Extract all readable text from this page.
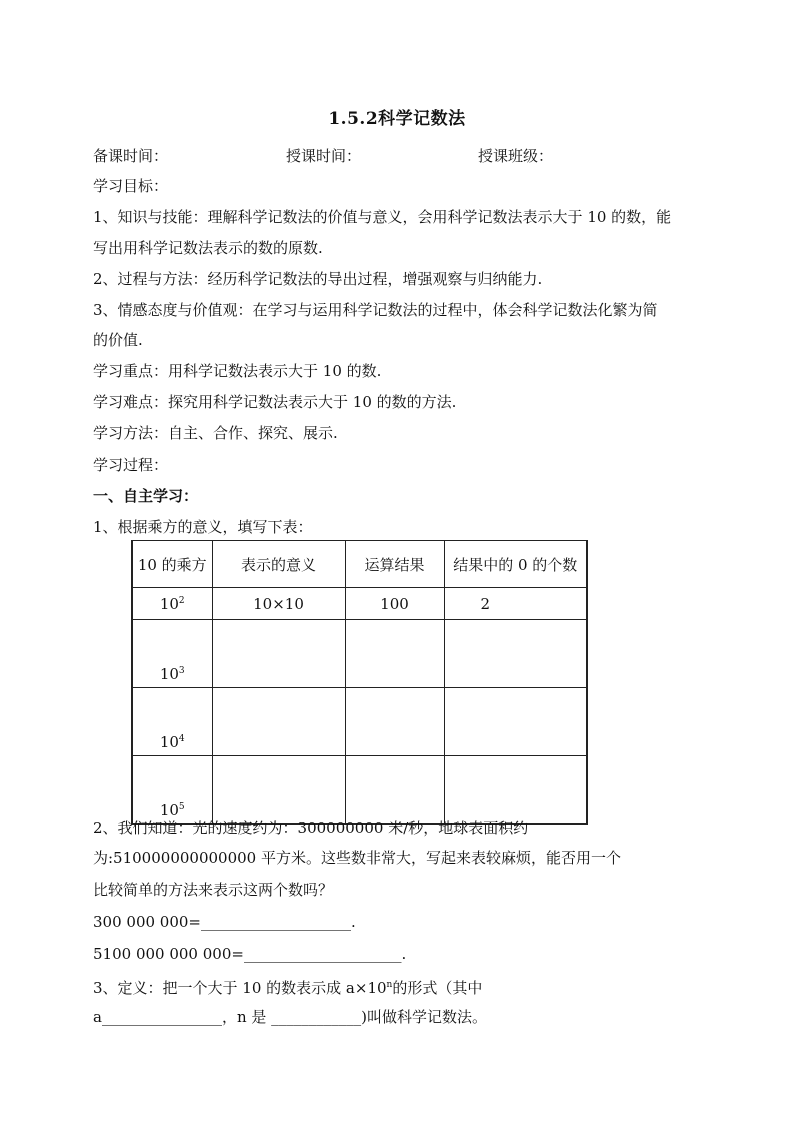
1.5.2科学记数法
备课时间：	授课时间：	授课班级：
学习目标：
1、知识与技能：理解科学记数法的价值与意义，会用科学记数法表示大于 10 的数，能
写出用科学记数法表示的数的原数.
2、过程与方法：经历科学记数法的导出过程，增强观察与归纳能力.
3、情感态度与价值观：在学习与运用科学记数法的过程中，体会科学记数法化繁为简
的价值.
学习重点：用科学记数法表示大于 10 的数.
学习难点：探究用科学记数法表示大于 10 的数的方法.
学习方法：自主、合作、探究、展示.
学习过程：
一、自主学习：
1、根据乘方的意义，填写下表：
10 的乘方	表示的意义	运算结果	结果中的 0 的个数
$10^2$	10×10	100	2
$10^3$			
$10^4$			
$10^5$			
2、我们知道：光的速度约为：300000000 米/秒，地球表面积约
为:510000000000000 平方米。这些数非常大，写起来表较麻烦，能否用一个
比较简单的方法来表示这两个数吗？
300 000 000=____________________.
5100 000 000 000=_____________________.
3、定义：把一个大于 10 的数表示成 $a\times 10^n$的形式（其中
a________________，n 是 ____________)叫做科学记数法。
